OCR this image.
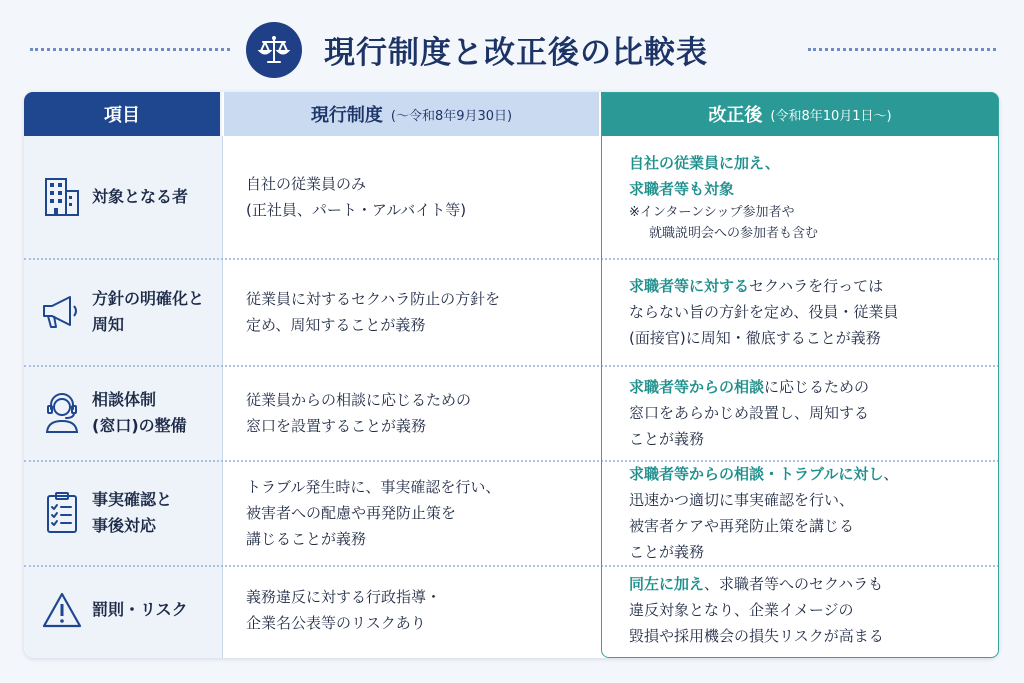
現行制度と改正後の比較表
項目	現行制度 (〜令和8年9月30日)	改正後 (令和8年10月1日〜)
対象となる者
自社の従業員のみ
(正社員、パート・アルバイト等)
自社の従業員に加え、
求職者等も対象
※インターンシップ参加者や
就職説明会への参加者も含む
方針の明確化と
周知
従業員に対するセクハラ防止の方針を
定め、周知することが義務
求職者等に対するセクハラを行っては
ならない旨の方針を定め、役員・従業員
(面接官)に周知・徹底することが義務
相談体制
(窓口)の整備
従業員からの相談に応じるための
窓口を設置することが義務
求職者等からの相談に応じるための
窓口をあらかじめ設置し、周知する
ことが義務
事実確認と
事後対応
トラブル発生時に、事実確認を行い、
被害者への配慮や再発防止策を
講じることが義務
求職者等からの相談・トラブルに対し、
迅速かつ適切に事実確認を行い、
被害者ケアや再発防止策を講じる
ことが義務
罰則・リスク
義務違反に対する行政指導・
企業名公表等のリスクあり
同左に加え、求職者等へのセクハラも
違反対象となり、企業イメージの
毀損や採用機会の損失リスクが高まる
